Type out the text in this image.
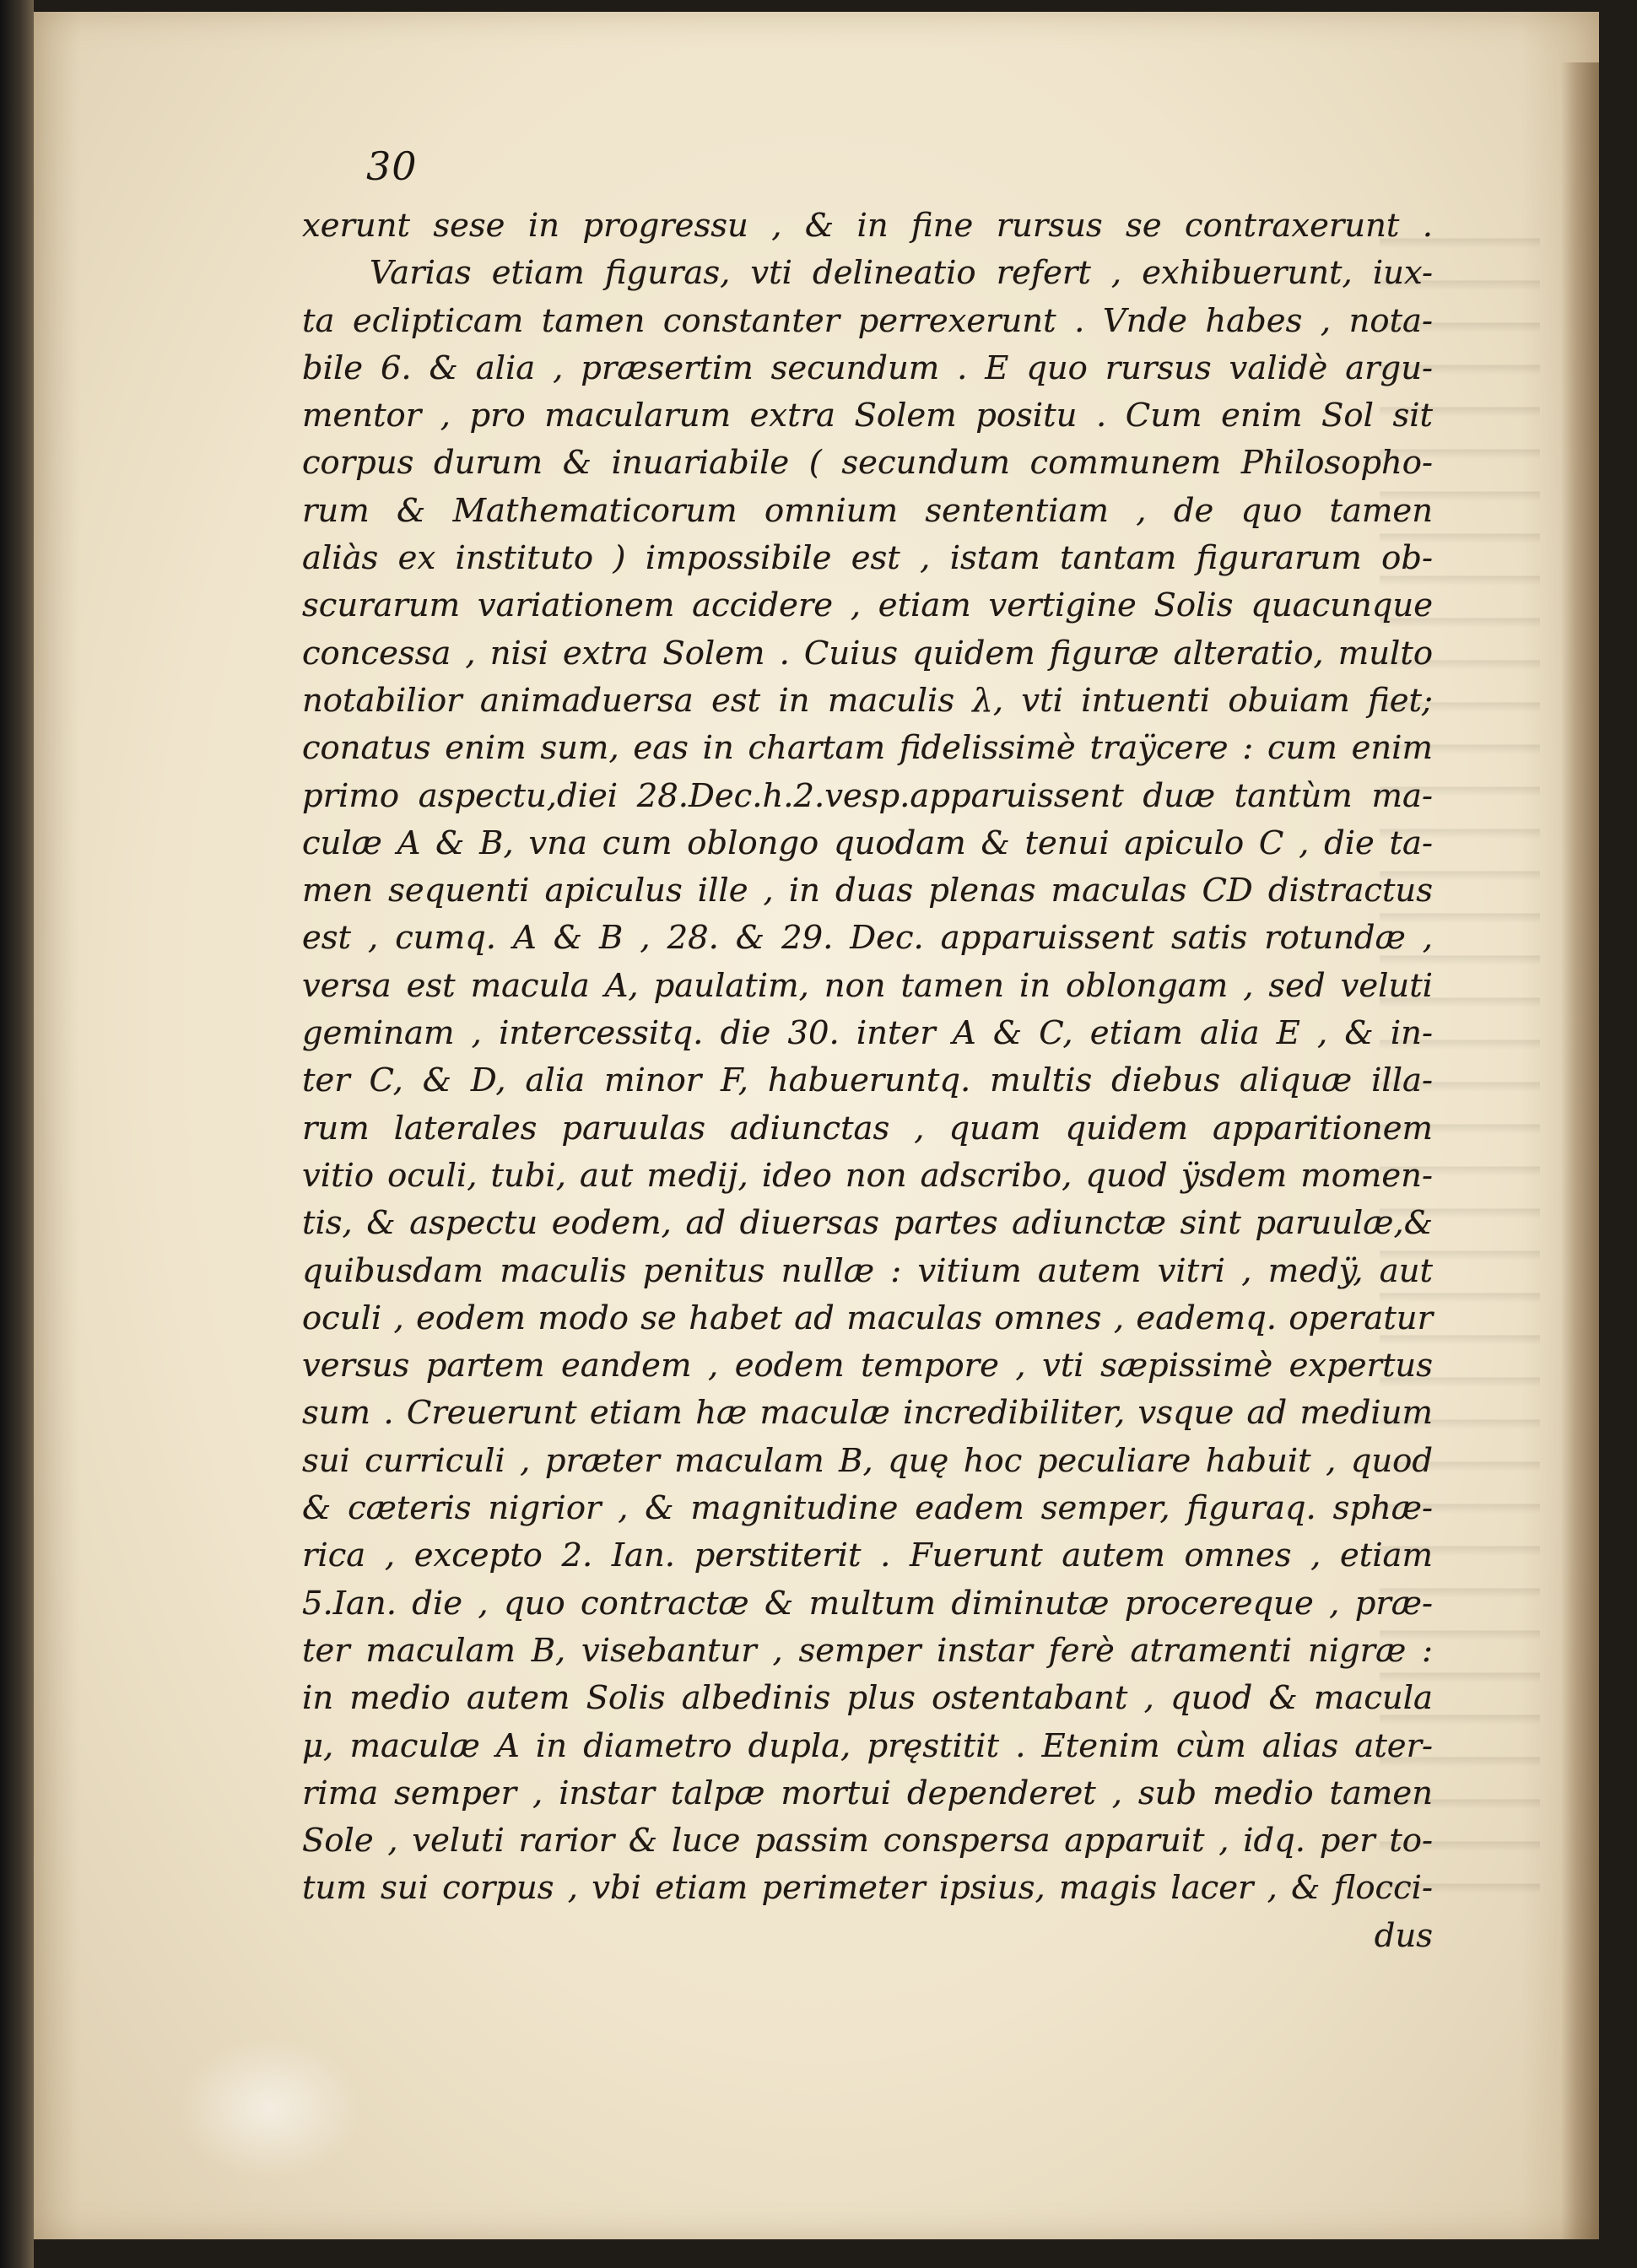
30
xerunt sese in progressu , & in fine rursus se contraxerunt .
Varias etiam figuras, vti delineatio refert , exhibuerunt, iux-
ta eclipticam tamen constanter perrexerunt . Vnde habes , nota-
bile 6. & alia , præsertim secundum . E quo rursus validè argu-
mentor , pro macularum extra Solem positu . Cum enim Sol sit
corpus durum & inuariabile ( secundum communem Philosopho-
rum & Mathematicorum omnium sententiam , de quo tamen
aliàs ex instituto ) impossibile est , istam tantam figurarum ob-
scurarum variationem accidere , etiam vertigine Solis quacunque
concessa , nisi extra Solem . Cuius quidem figuræ alteratio, multo
notabilior animaduersa est in maculis λ, vti intuenti obuiam fiet;
conatus enim sum, eas in chartam fidelissimè traÿcere : cum enim
primo aspectu,diei 28.Dec.h.2.vesp.apparuissent duæ tantùm ma-
culæ A & B, vna cum oblongo quodam & tenui apiculo C , die ta-
men sequenti apiculus ille , in duas plenas maculas CD distractus
est , cumq. A & B , 28. & 29. Dec. apparuissent satis rotundæ ,
versa est macula A, paulatim, non tamen in oblongam , sed veluti
geminam , intercessitq. die 30. inter A & C, etiam alia E , & in-
ter C, & D, alia minor F, habueruntq. multis diebus aliquæ illa-
rum laterales paruulas adiunctas , quam quidem apparitionem
vitio oculi, tubi, aut medij, ideo non adscribo, quod ÿsdem momen-
tis, & aspectu eodem, ad diuersas partes adiunctæ sint paruulæ,&
quibusdam maculis penitus nullæ : vitium autem vitri , medÿ, aut
oculi , eodem modo se habet ad maculas omnes , eademq. operatur
versus partem eandem , eodem tempore , vti sæpissimè expertus
sum . Creuerunt etiam hæ maculæ incredibiliter, vsque ad medium
sui curriculi , præter maculam B, quę hoc peculiare habuit , quod
& cæteris nigrior , & magnitudine eadem semper, figuraq. sphæ-
rica , excepto 2. Ian. perstiterit . Fuerunt autem omnes , etiam
5.Ian. die , quo contractæ & multum diminutæ procereque , præ-
ter maculam B, visebantur , semper instar ferè atramenti nigræ :
in medio autem Solis albedinis plus ostentabant , quod & macula
μ, maculæ A in diametro dupla, pręstitit . Etenim cùm alias ater-
rima semper , instar talpæ mortui dependeret , sub medio tamen
Sole , veluti rarior & luce passim conspersa apparuit , idq. per to-
tum sui corpus , vbi etiam perimeter ipsius, magis lacer , & flocci-
dus
